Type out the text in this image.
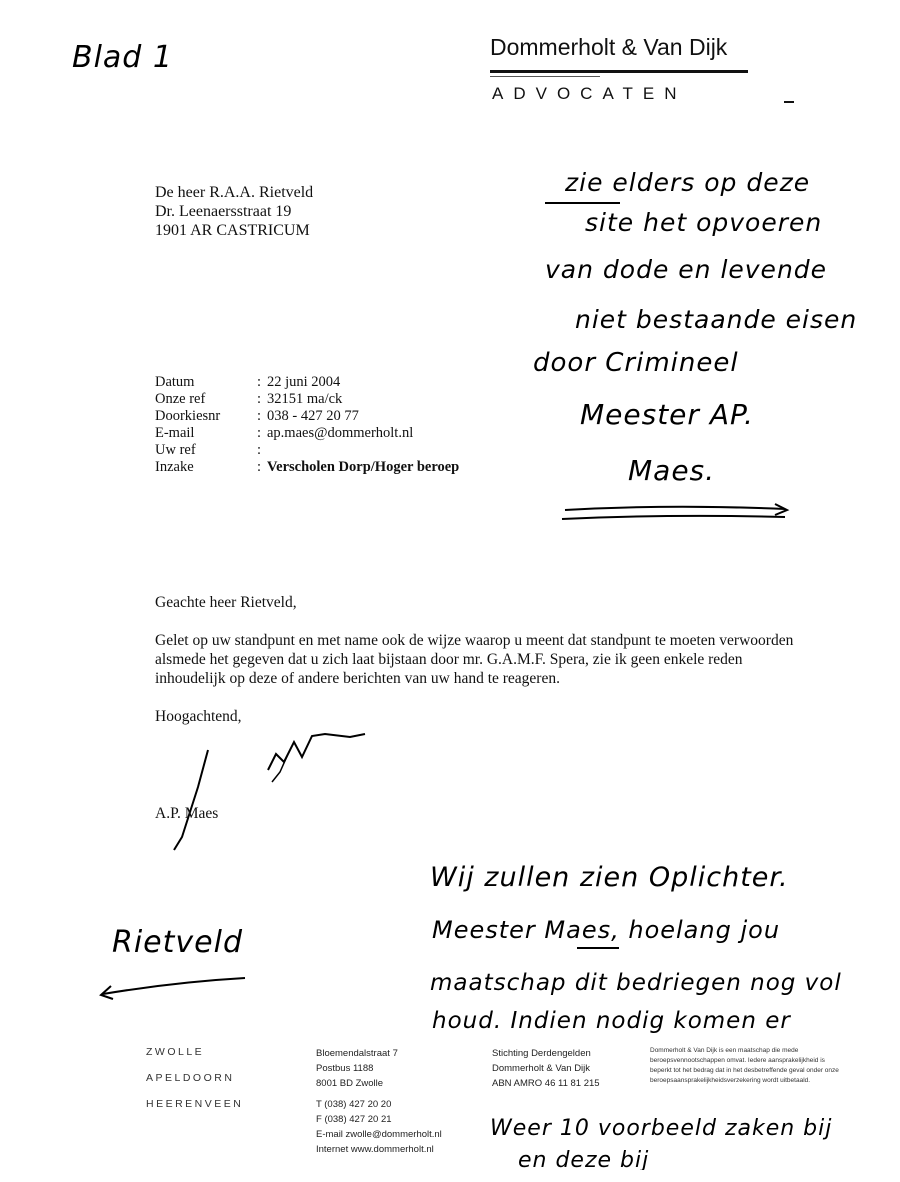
Blad 1	Dommerholt & Van Dijk
ADVOCATEN
De heer R.A.A. Rietveld
Dr. Leenaersstraat 19
1901 AR CASTRICUM
zie elders op deze
site het opvoeren
van dode en levende
niet bestaande eisen
door Crimineel
Meester AP.
Maes.
Datum	: 22 juni 2004
Onze ref	: 32151 ma/ck
Doorkiesnr	: 038 - 427 20 77
E-mail	: ap.maes@dommerholt.nl
Uw ref	:
Inzake	: Verscholen Dorp/Hoger beroep
Geachte heer Rietveld,
Gelet op uw standpunt en met name ook de wijze waarop u meent dat standpunt te moeten verwoorden alsmede het gegeven dat u zich laat bijstaan door mr. G.A.M.F. Spera, zie ik geen enkele reden inhoudelijk op deze of andere berichten van uw hand te reageren.
Hoogachtend,
A.P. Maes
Wij zullen zien Oplichter.
Meester Maes, hoelang jou
maatschap dit bedriegen nog vol
houd. Indien nodig komen er
Weer 10 voorbeeld zaken bij
en deze bij
Rietveld
ZWOLLE
APELDOORN
HEERENVEEN
Bloemendalstraat 7
Postbus 1188
8001 BD Zwolle
T (038) 427 20 20
F (038) 427 20 21
E-mail zwolle@dommerholt.nl
Internet www.dommerholt.nl
Stichting Derdengelden
Dommerholt & Van Dijk
ABN AMRO 46 11 81 215
Dommerholt & Van Dijk is een maatschap die mede beroepsvennootschappen omvat. Iedere aansprakelijkheid is beperkt tot het bedrag dat in het desbetreffende geval onder onze beroepsaansprakelijkheidsverzekering wordt uitbetaald.
